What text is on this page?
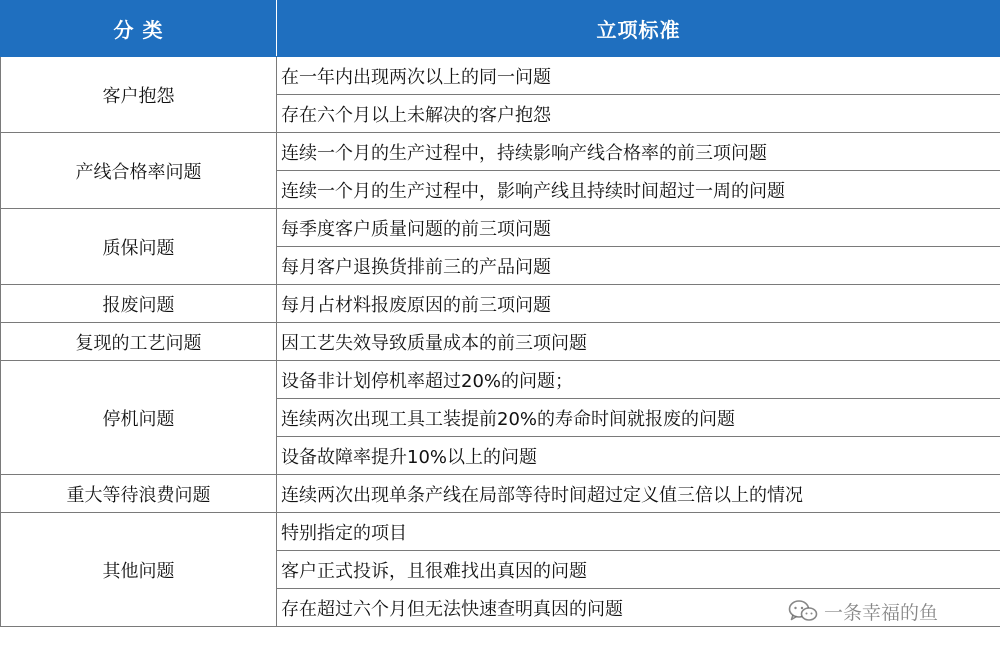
分 类	立项标准
客户抱怨	在一年内出现两次以上的同一问题
	存在六个月以上未解决的客户抱怨
产线合格率问题	连续一个月的生产过程中，持续影响产线合格率的前三项问题
	连续一个月的生产过程中，影响产线且持续时间超过一周的问题
质保问题	每季度客户质量问题的前三项问题
	每月客户退换货排前三的产品问题
报废问题	每月占材料报废原因的前三项问题
复现的工艺问题	因工艺失效导致质量成本的前三项问题
停机问题	设备非计划停机率超过20%的问题；
	连续两次出现工具工装提前20%的寿命时间就报废的问题
	设备故障率提升10%以上的问题
重大等待浪费问题	连续两次出现单条产线在局部等待时间超过定义值三倍以上的情况
其他问题	特别指定的项目
	客户正式投诉，且很难找出真因的问题
	存在超过六个月但无法快速查明真因的问题	一条幸福的鱼
